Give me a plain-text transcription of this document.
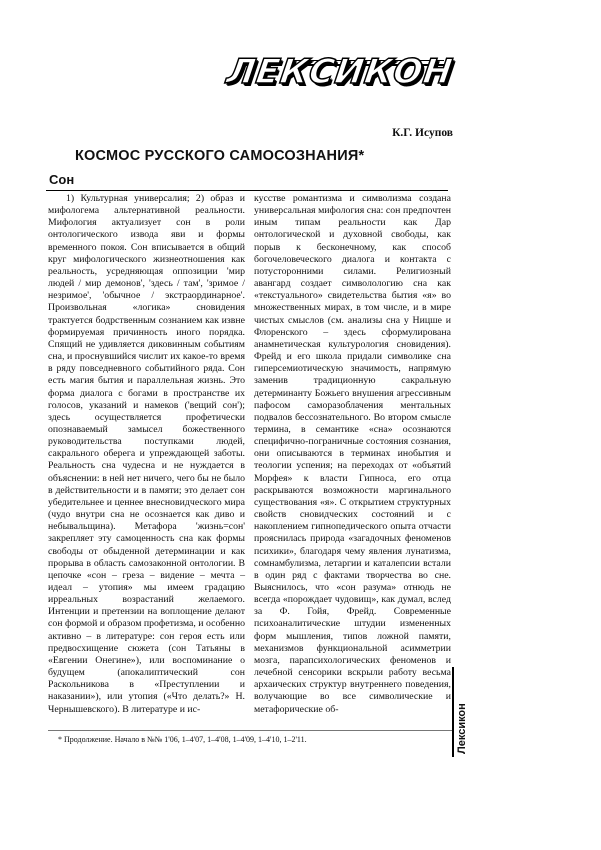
ЛЕКСИКОН
К.Г. Исупов
КОСМОС РУССКОГО САМОСОЗНАНИЯ*
Сон

1) Культурная универсалия; 2) образ и мифологема альтернативной реальности. Мифология актуализует сон в роли онтологического извода яви и формы временного покоя. Сон вписывается в общий круг мифологического жизнеотношения как реальность, усредняющая оппозиции 'мир людей / мир демонов', 'здесь / там', 'зримое / незримое', 'обычное / экстраординарное'. Произвольная «логика» сновидения трактуется бодрственным сознанием как извне формируемая причинность иного порядка. Спящий не удивляется диковинным событиям сна, и проснувшийся числит их какое-то время в ряду повседневного событийного ряда. Сон есть магия бытия и параллельная жизнь. Это форма диалога с богами в пространстве их голосов, указаний и намеков ('вещий сон'); здесь осуществляется профетически опознаваемый замысел божественного руководительства поступками людей, сакрального оберега и упреждающей заботы. Реальность сна чудесна и не нуждается в объяснении: в ней нет ничего, чего бы не было в действительности и в памяти; это делает сон убедительнее и ценнее внесновидческого мира (чудо внутри сна не осознается как диво и небывальщина). Метафора 'жизнь=сон' закрепляет эту самоценность сна как формы свободы от обыденной детерминации и как прорыва в область самозаконной онтологии. В цепочке «сон – греза – видение – мечта – идеал – утопия» мы имеем градацию ирреальных возрастаний желаемого. Интенции и претензии на воплощение делают сон формой и образом профетизма, и особенно активно – в литературе: сон героя есть или предвосхищение сюжета (сон Татьяны в «Евгении Онегине»), или воспоминание о будущем (апокалиптический сон Раскольникова в «Преступлении и наказании»), или утопия («Что делать?» Н. Чернышевского). В литературе и ис-

кусстве романтизма и символизма создана универсальная мифология сна: сон предпочтен иным типам реальности как Дар онтологической и духовной свободы, как порыв к бесконечному, как способ богочеловеческого диалога и контакта с потусторонними силами. Религиозный авангард создает символологию сна как «текстуального» свидетельства бытия «я» во множественных мирах, в том числе, и в мире чистых смыслов (см. анализы сна у Ницше и Флоренского – здесь сформулирована анамнетическая культурология сновидения). Фрейд и его школа придали символике сна гиперсемиотическую значимость, напрямую заменив традиционную сакральную детерминанту Божьего внушения агрессивным пафосом саморазоблачения ментальных подвалов бессознательного. Во втором смысле термина, в семантике «сна» осознаются специфично-пограничные состояния сознания, они описываются в терминах инобытия и теологии успения; на переходах от «объятий Морфея» к власти Гипноса, его отца раскрываются возможности маргинального существования «я». С открытием структурных свойств сновидческих состояний и с накоплением гипнопедического опыта отчасти прояснилась природа «загадочных феноменов психики», благодаря чему явления лунатизма, сомнамбулизма, летаргии и каталепсии встали в один ряд с фактами творчества во сне. Выяснилось, что «сон разума» отнюдь не всегда «порождает чудовищ», как думал, вслед за Ф. Гойя, Фрейд. Современные психоаналитические штудии измененных форм мышления, типов ложной памяти, механизмов функциональной асимметрии мозга, парапсихологических феноменов и лечебной сенсорики вскрыли работу весьма архаических структур внутреннего поведения, волучающие во все символические и метафорические об-

* Продолжение. Начало в №№ 1'06, 1–4'07, 1–4'08, 1–4'09, 1–4'10, 1–2'11.	Лексикон
